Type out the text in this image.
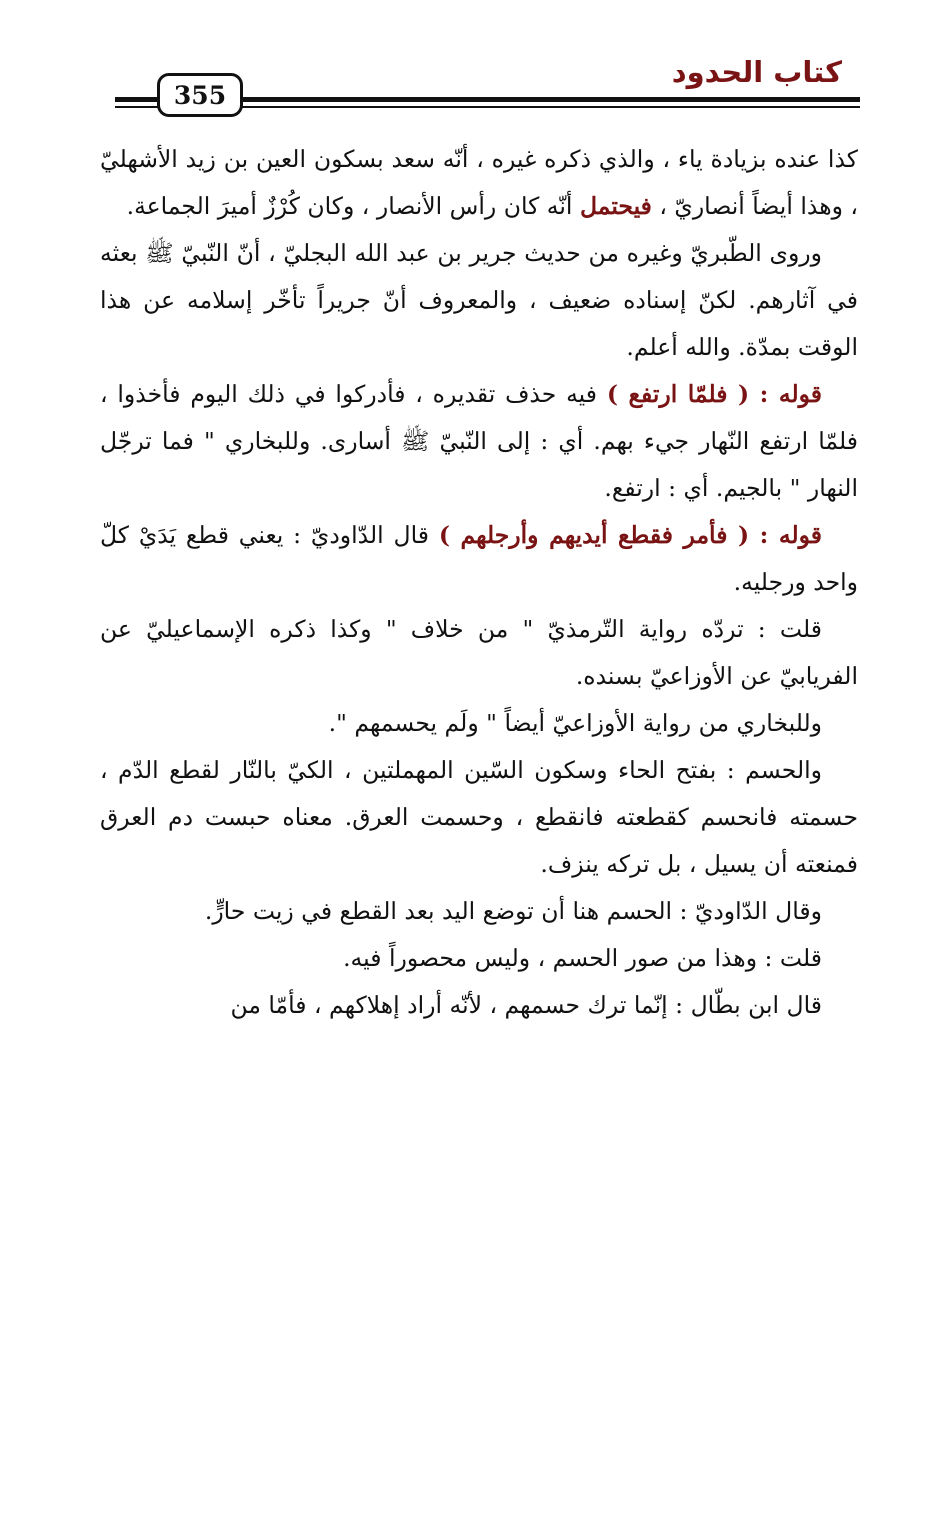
كتاب الحدود
355

كذا عنده بزيادة ياء ، والذي ذكره غيره ، أنّه سعد بسكون العين بن زيد الأشهليّ ، وهذا أيضاً أنصاريّ ، فيحتمل أنّه كان رأس الأنصار ، وكان كُرْزٌ أميرَ الجماعة.

وروى الطّبريّ وغيره من حديث جرير بن عبد الله البجليّ ، أنّ النّبيّ ﷺ بعثه في آثارهم. لكنّ إسناده ضعيف ، والمعروف أنّ جريراً تأخّر إسلامه عن هذا الوقت بمدّة. والله أعلم.

قوله : ( فلمّا ارتفع ) فيه حذف تقديره ، فأدركوا في ذلك اليوم فأخذوا ، فلمّا ارتفع النّهار جيء بهم. أي : إلى النّبيّ ﷺ أسارى. وللبخاري " فما ترجّل النهار " بالجيم. أي : ارتفع.

قوله : ( فأمر فقطع أيديهم وأرجلهم ) قال الدّاوديّ : يعني قطع يَدَيْ كلّ واحد ورجليه.

قلت : تردّه رواية التّرمذيّ " من خلاف " وكذا ذكره الإسماعيليّ عن الفريابيّ عن الأوزاعيّ بسنده.

وللبخاري من رواية الأوزاعيّ أيضاً " ولَم يحسمهم ".

والحسم : بفتح الحاء وسكون السّين المهملتين ، الكيّ بالنّار لقطع الدّم ، حسمته فانحسم كقطعته فانقطع ، وحسمت العرق. معناه حبست دم العرق فمنعته أن يسيل ، بل تركه ينزف.

وقال الدّاوديّ : الحسم هنا أن توضع اليد بعد القطع في زيت حارٍّ.

قلت : وهذا من صور الحسم ، وليس محصوراً فيه.

قال ابن بطّال : إنّما ترك حسمهم ، لأنّه أراد إهلاكهم ، فأمّا من
